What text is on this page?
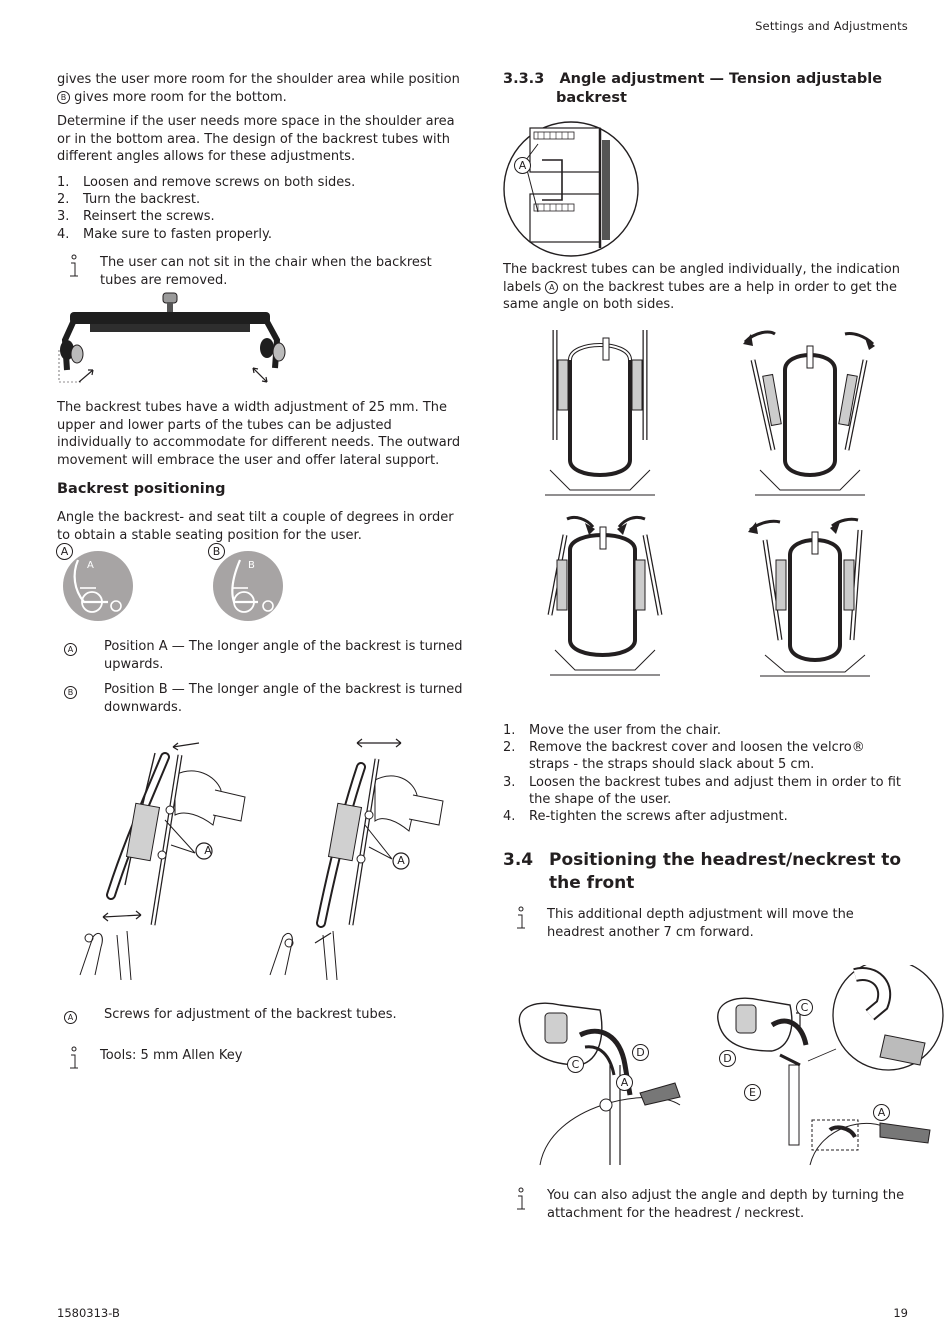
Settings and Adjustments
1580313-B	19

gives the user more room for the shoulder area while position B gives more room for the bottom.

Determine if the user needs more space in the shoulder area or in the bottom area. The design of the backrest tubes with different angles allows for these adjustments.

1. Loosen and remove screws on both sides.
2. Turn the backrest.
3. Reinsert the screws.
4. Make sure to fasten properly.

The user can not sit in the chair when the backrest tubes are removed.

The backrest tubes have a width adjustment of 25 mm. The upper and lower parts of the tubes can be adjusted individually to accommodate for different needs. The outward movement will embrace the user and offer lateral support.

Backrest positioning

Angle the backrest- and seat tilt a couple of degrees in order to obtain a stable seating position for the user.

A
A
B
B
A	Position A — The longer angle of the backrest is turned upwards.

B	Position B — The longer angle of the backrest is turned downwards.

A
A
A	Screws for adjustment of the backrest tubes.

Tools: 5 mm Allen Key

3.3.3 Angle adjustment — Tension adjustable
backrest
A

The backrest tubes can be angled individually, the indication labels A on the backrest tubes are a help in order to get the same angle on both sides.

1. Move the user from the chair.
2. Remove the backrest cover and loosen the velcro® straps - the straps should slack about 5 cm.
3. Loosen the backrest tubes and adjust them in order to fit the shape of the user.
4. Re-tighten the screws after adjustment.
3.4 Positioning the headrest/neckrest to the front

This additional depth adjustment will move the headrest another 7 cm forward.

C
D
A
C
D
E
A

You can also adjust the angle and depth by turning the attachment for the headrest / neckrest.
